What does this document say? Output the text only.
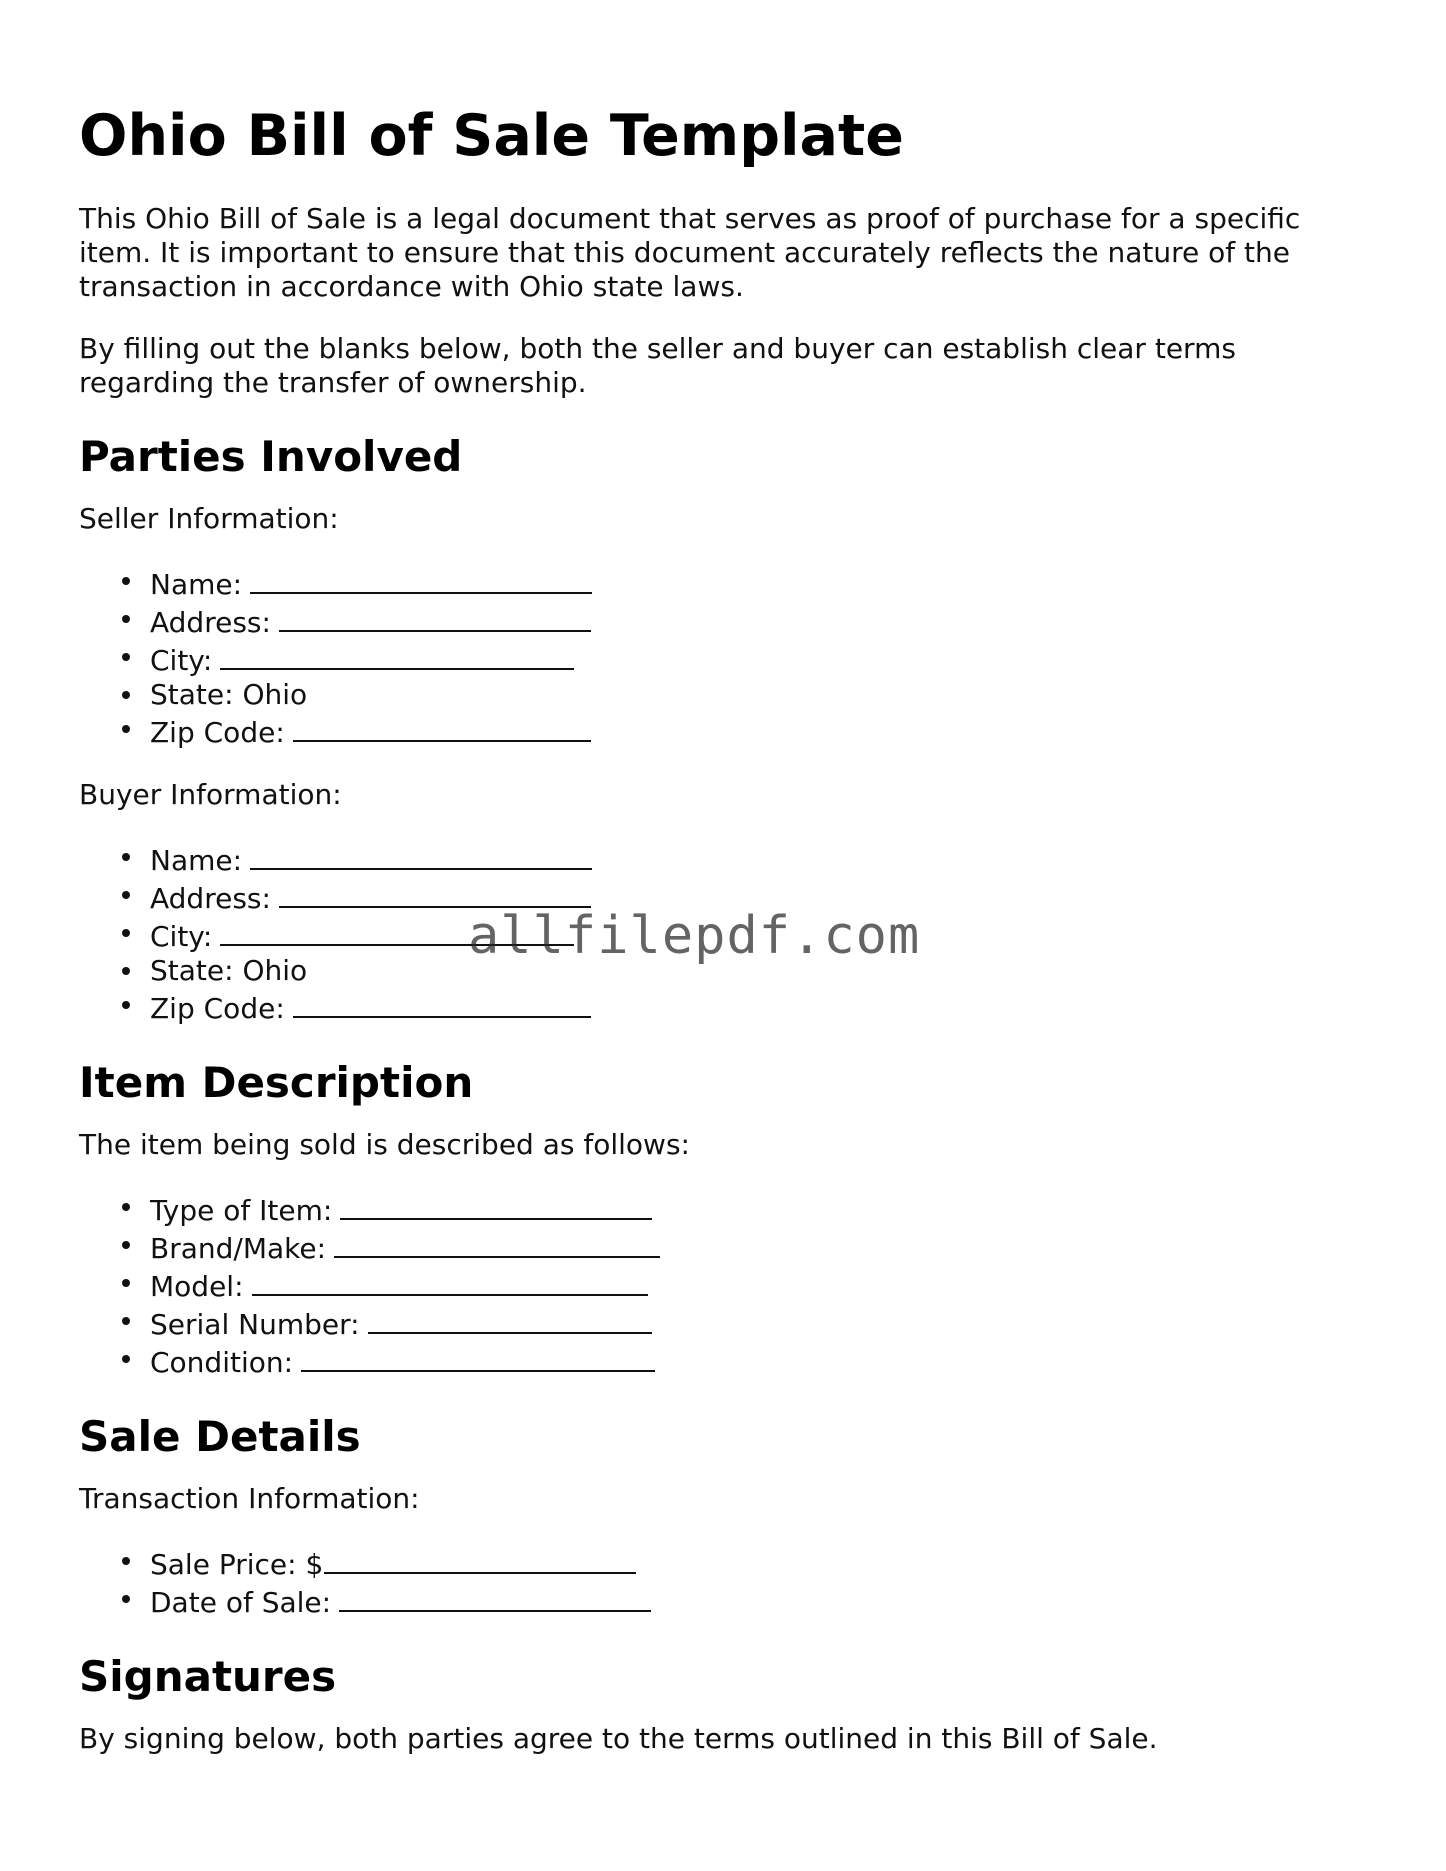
Ohio Bill of Sale Template

This Ohio Bill of Sale is a legal document that serves as proof of purchase for a specific item. It is important to ensure that this document accurately reflects the nature of the transaction in accordance with Ohio state laws.

By filling out the blanks below, both the seller and buyer can establish clear terms regarding the transfer of ownership.

Parties Involved

Seller Information:

Name:
Address:
City:
State: Ohio
Zip Code:

Buyer Information:

Name:
Address:
City:
State: Ohio
Zip Code:
Item Description

The item being sold is described as follows:

Type of Item:
Brand/Make:
Model:
Serial Number:
Condition:
Sale Details

Transaction Information:

Sale Price: $
Date of Sale:
Signatures

By signing below, both parties agree to the terms outlined in this Bill of Sale.

allfilepdf.com
